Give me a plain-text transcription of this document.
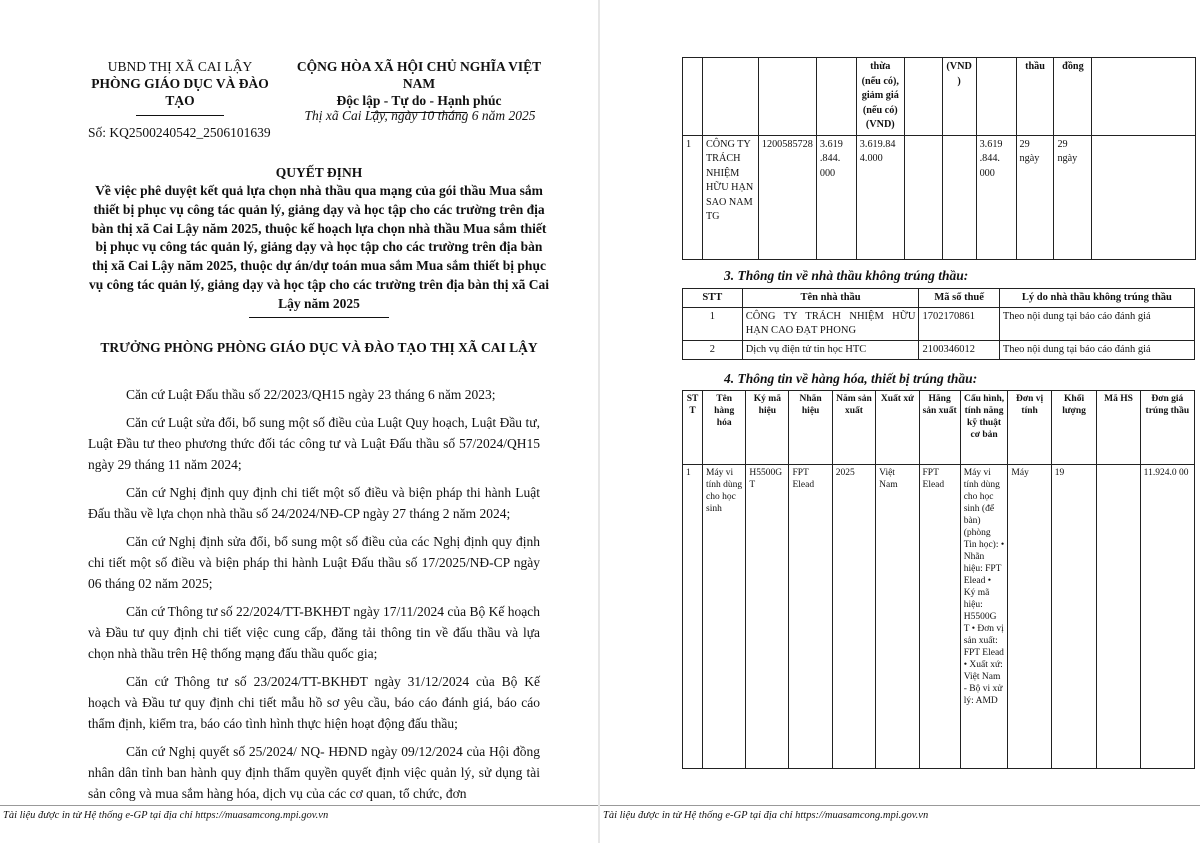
UBND THỊ XÃ CAI LẬY
PHÒNG GIÁO DỤC VÀ ĐÀO TẠO
CỘNG HÒA XÃ HỘI CHỦ NGHĨA VIỆT NAM
Độc lập - Tự do - Hạnh phúc
Thị xã Cai Lậy, ngày 10 tháng 6 năm 2025
Số: KQ2500240542_2506101639
QUYẾT ĐỊNH
Về việc phê duyệt kết quả lựa chọn nhà thầu qua mạng của gói thầu Mua sắm thiết bị phục vụ công tác quản lý, giảng dạy và học tập cho các trường trên địa bàn thị xã Cai Lậy năm 2025, thuộc kế hoạch lựa chọn nhà thầu Mua sắm thiết bị phục vụ công tác quản lý, giảng dạy và học tập cho các trường trên địa bàn thị xã Cai Lậy năm 2025, thuộc dự án/dự toán mua sắm Mua sắm thiết bị phục vụ công tác quản lý, giảng dạy và học tập cho các trường trên địa bàn thị xã Cai Lậy năm 2025
TRƯỞNG PHÒNG PHÒNG GIÁO DỤC VÀ ĐÀO TẠO THỊ XÃ CAI LẬY

Căn cứ Luật Đấu thầu số 22/2023/QH15 ngày 23 tháng 6 năm 2023;

Căn cứ Luật sửa đổi, bổ sung một số điều của Luật Quy hoạch, Luật Đầu tư, Luật Đầu tư theo phương thức đối tác công tư và Luật Đấu thầu số 57/2024/QH15 ngày 29 tháng 11 năm 2024;

Căn cứ Nghị định quy định chi tiết một số điều và biện pháp thi hành Luật Đấu thầu về lựa chọn nhà thầu số 24/2024/NĐ-CP ngày 27 tháng 2 năm 2024;

Căn cứ Nghị định sửa đổi, bổ sung một số điều của các Nghị định quy định chi tiết một số điều và biện pháp thi hành Luật Đấu thầu số 17/2025/NĐ-CP ngày 06 tháng 02 năm 2025;

Căn cứ Thông tư số 22/2024/TT-BKHĐT ngày 17/11/2024 của Bộ Kế hoạch và Đầu tư quy định chi tiết việc cung cấp, đăng tải thông tin về đấu thầu và lựa chọn nhà thầu trên Hệ thống mạng đấu thầu quốc gia;

Căn cứ Thông tư số 23/2024/TT-BKHĐT ngày 31/12/2024 của Bộ Kế hoạch và Đầu tư quy định chi tiết mẫu hồ sơ yêu cầu, báo cáo đánh giá, báo cáo thẩm định, kiểm tra, báo cáo tình hình thực hiện hoạt động đấu thầu;

Căn cứ Nghị quyết số 25/2024/ NQ- HĐND ngày 09/12/2024 của Hội đồng nhân dân tỉnh ban hành quy định thẩm quyền quyết định việc quản lý, sử dụng tài sản công và mua sắm hàng hóa, dịch vụ của các cơ quan, tổ chức, đơn

Tài liệu được in từ Hệ thống e-GP tại địa chỉ https://muasamcong.mpi.gov.vn
				thừa (nếu có), giảm giá (nếu có) (VND)		(VND )		thầu	đồng	
1	CÔNG TY TRÁCH NHIỆM HỮU HẠN SAO NAM TG	1200585728	3.619 .844. 000	3.619.84 4.000			3.619 .844. 000	29 ngày	29 ngày	
3. Thông tin về nhà thầu không trúng thầu:
STT	Tên nhà thầu	Mã số thuế	Lý do nhà thầu không trúng thầu
1	CÔNG TY TRÁCH NHIỆM HỮU HẠN CAO ĐẠT PHONG	1702170861	Theo nội dung tại báo cáo đánh giá
2	Dịch vụ điện tử tin học HTC	2100346012	Theo nội dung tại báo cáo đánh giá
4. Thông tin về hàng hóa, thiết bị trúng thầu:
ST T	Tên hàng hóa	Ký mã hiệu	Nhãn hiệu	Năm sản xuất	Xuất xứ	Hãng sản xuất	Cấu hình, tính năng kỹ thuật cơ bản	Đơn vị tính	Khối lượng	Mã HS	Đơn giá trúng thầu
1	Máy vi tính dùng cho học sinh	H5500G T	FPT Elead	2025	Việt Nam	FPT Elead	Máy vi tính dùng cho học sinh (để bàn) (phòng Tin học): • Nhãn hiệu: FPT Elead • Ký mã hiệu: H5500G T • Đơn vị sản xuất: FPT Elead • Xuất xứ: Việt Nam - Bộ vi xử lý: AMD	Máy	19		11.924.0 00
Tài liệu được in từ Hệ thống e-GP tại địa chỉ https://muasamcong.mpi.gov.vn
